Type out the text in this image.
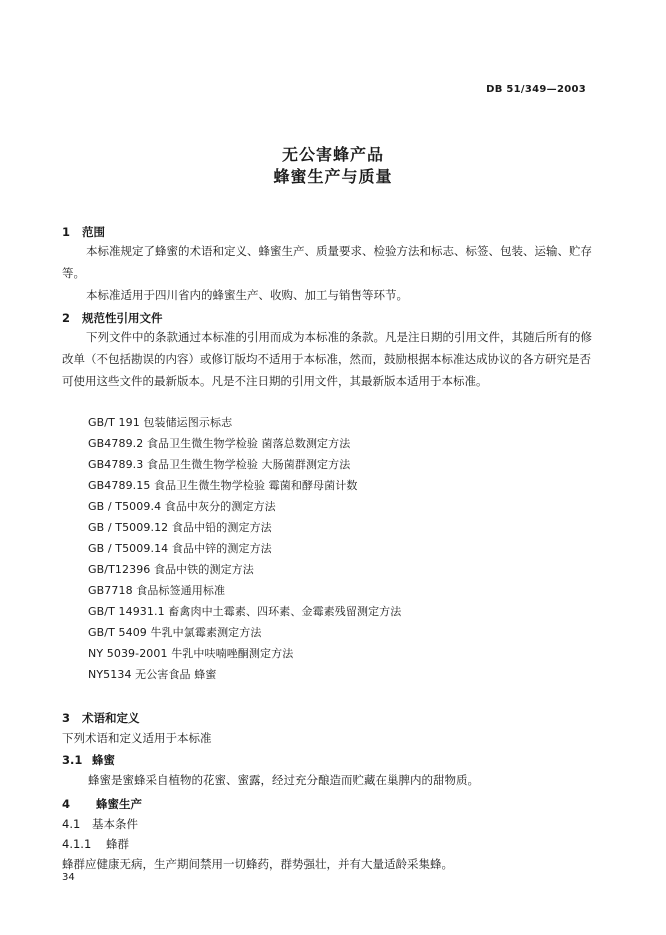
DB 51/349—2003
无公害蜂产品
蜂蜜生产与质量
1 范围
本标准规定了蜂蜜的术语和定义、蜂蜜生产、质量要求、检验方法和标志、标签、包装、运输、贮存等。
本标准适用于四川省内的蜂蜜生产、收购、加工与销售等环节。
2 规范性引用文件
下列文件中的条款通过本标准的引用而成为本标准的条款。凡是注日期的引用文件，其随后所有的修改单（不包括勘误的内容）或修订版均不适用于本标准，然而，鼓励根据本标准达成协议的各方研究是否可使用这些文件的最新版本。凡是不注日期的引用文件，其最新版本适用于本标准。
GB/T 191 包装储运图示标志
GB4789.2 食品卫生微生物学检验 菌落总数测定方法
GB4789.3 食品卫生微生物学检验 大肠菌群测定方法
GB4789.15 食品卫生微生物学检验 霉菌和酵母菌计数
GB / T5009.4 食品中灰分的测定方法
GB / T5009.12 食品中铅的测定方法
GB / T5009.14 食品中锌的测定方法
GB/T12396 食品中铁的测定方法
GB7718 食品标签通用标准
GB/T 14931.1 畜禽肉中土霉素、四环素、金霉素残留测定方法
GB/T 5409 牛乳中氯霉素测定方法
NY 5039-2001 牛乳中呋喃唑酮测定方法
NY5134 无公害食品 蜂蜜
3 术语和定义
下列术语和定义适用于本标准
3.1 蜂蜜
蜂蜜是蜜蜂采自植物的花蜜、蜜露，经过充分酿造而贮藏在巢脾内的甜物质。
4 蜂蜜生产
4.1 基本条件
4.1.1 蜂群
蜂群应健康无病，生产期间禁用一切蜂药，群势强壮，并有大量适龄采集蜂。
34
